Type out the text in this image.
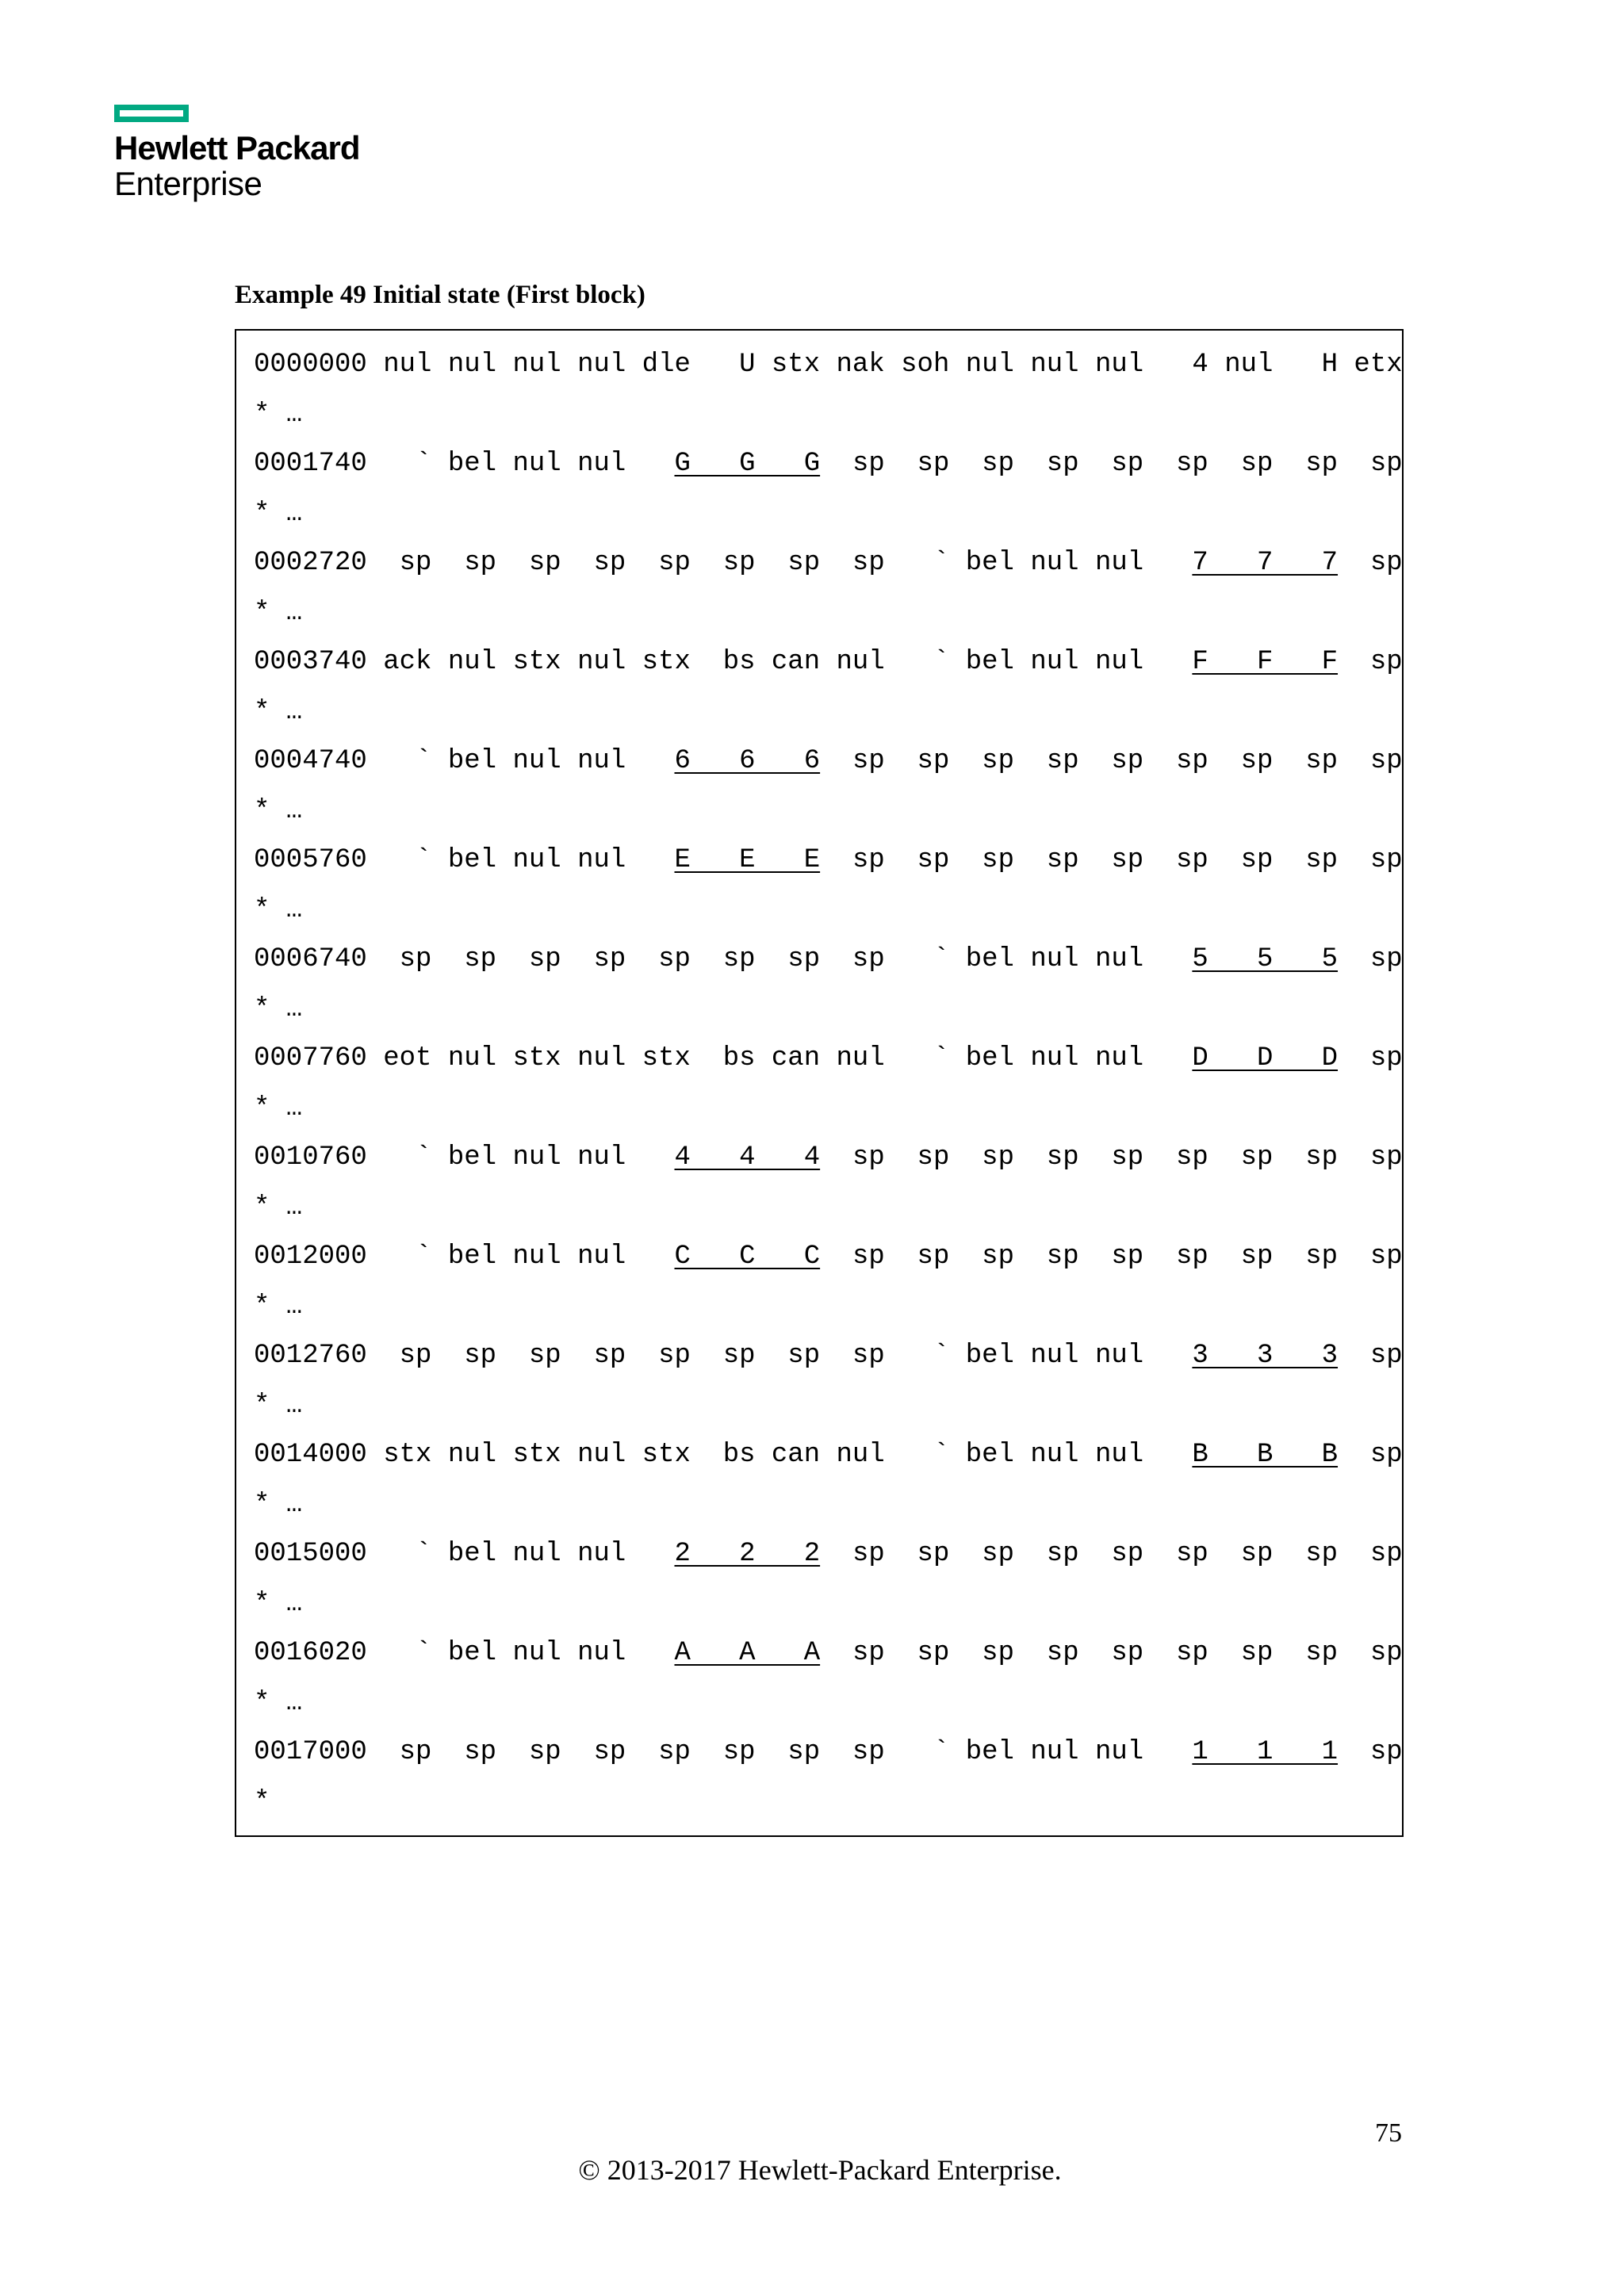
Hewlett Packard
Enterprise
Example 49 Initial state (First block)
0000000 nul nul nul nul dle   U stx nak soh nul nul nul   4 nul   H etx
* …
0001740   ` bel nul nul   G   G   G  sp  sp  sp  sp  sp  sp  sp  sp  sp
* …
0002720  sp  sp  sp  sp  sp  sp  sp  sp   ` bel nul nul   7   7   7  sp
* …
0003740 ack nul stx nul stx  bs can nul   ` bel nul nul   F   F   F  sp
* …
0004740   ` bel nul nul   6   6   6  sp  sp  sp  sp  sp  sp  sp  sp  sp
* …
0005760   ` bel nul nul   E   E   E  sp  sp  sp  sp  sp  sp  sp  sp  sp
* …
0006740  sp  sp  sp  sp  sp  sp  sp  sp   ` bel nul nul   5   5   5  sp
* …
0007760 eot nul stx nul stx  bs can nul   ` bel nul nul   D   D   D  sp
* …
0010760   ` bel nul nul   4   4   4  sp  sp  sp  sp  sp  sp  sp  sp  sp
* …
0012000   ` bel nul nul   C   C   C  sp  sp  sp  sp  sp  sp  sp  sp  sp
* …
0012760  sp  sp  sp  sp  sp  sp  sp  sp   ` bel nul nul   3   3   3  sp
* …
0014000 stx nul stx nul stx  bs can nul   ` bel nul nul   B   B   B  sp
* …
0015000   ` bel nul nul   2   2   2  sp  sp  sp  sp  sp  sp  sp  sp  sp
* …
0016020   ` bel nul nul   A   A   A  sp  sp  sp  sp  sp  sp  sp  sp  sp
* …
0017000  sp  sp  sp  sp  sp  sp  sp  sp   ` bel nul nul   1   1   1  sp
*
75
© 2013-2017 Hewlett-Packard Enterprise.
